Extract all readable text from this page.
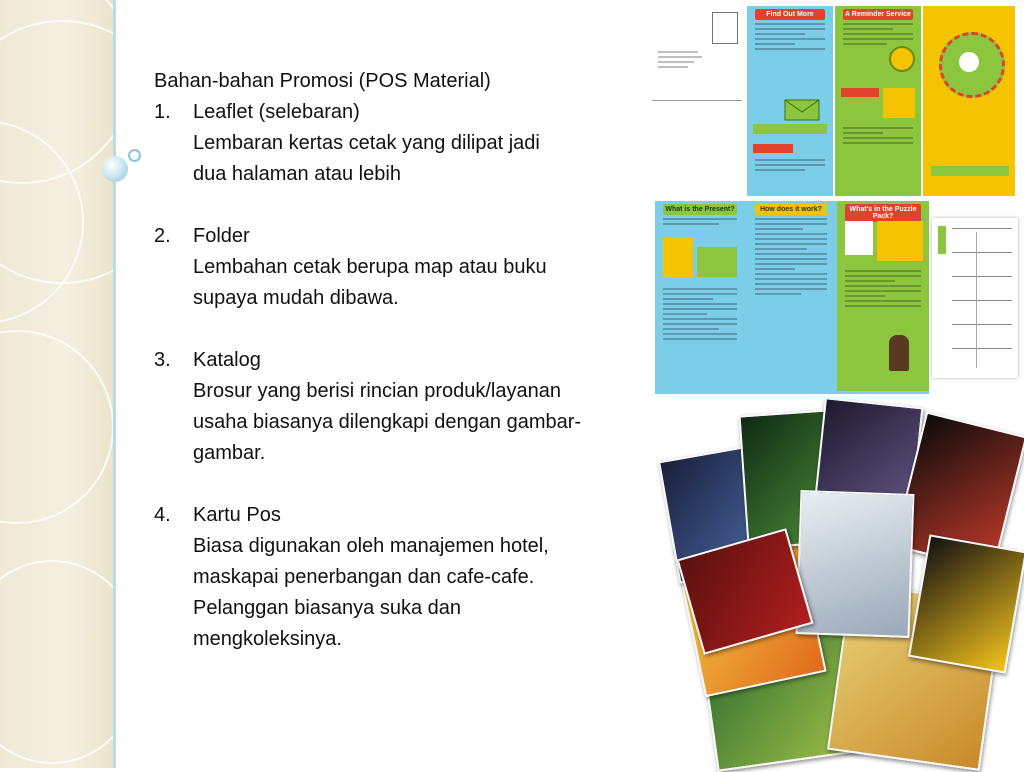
Bahan-bahan Promosi (POS Material)

1.	Leaflet (selebaran)
Lembaran kertas cetak yang dilipat jadi
dua halaman atau lebih
2.	Folder
Lembahan cetak berupa map atau buku
supaya mudah dibawa.
3.	Katalog
Brosur yang berisi rincian produk/layanan
usaha biasanya dilengkapi dengan gambar-
gambar.
4.	Kartu Pos
Biasa digunakan oleh manajemen hotel,
maskapai penerbangan dan cafe-cafe.
Pelanggan biasanya suka dan
mengkoleksinya.
Find Out More	A Reminder Service
What is the Present?	How does it work?	What's in the Puzzle Pack?
